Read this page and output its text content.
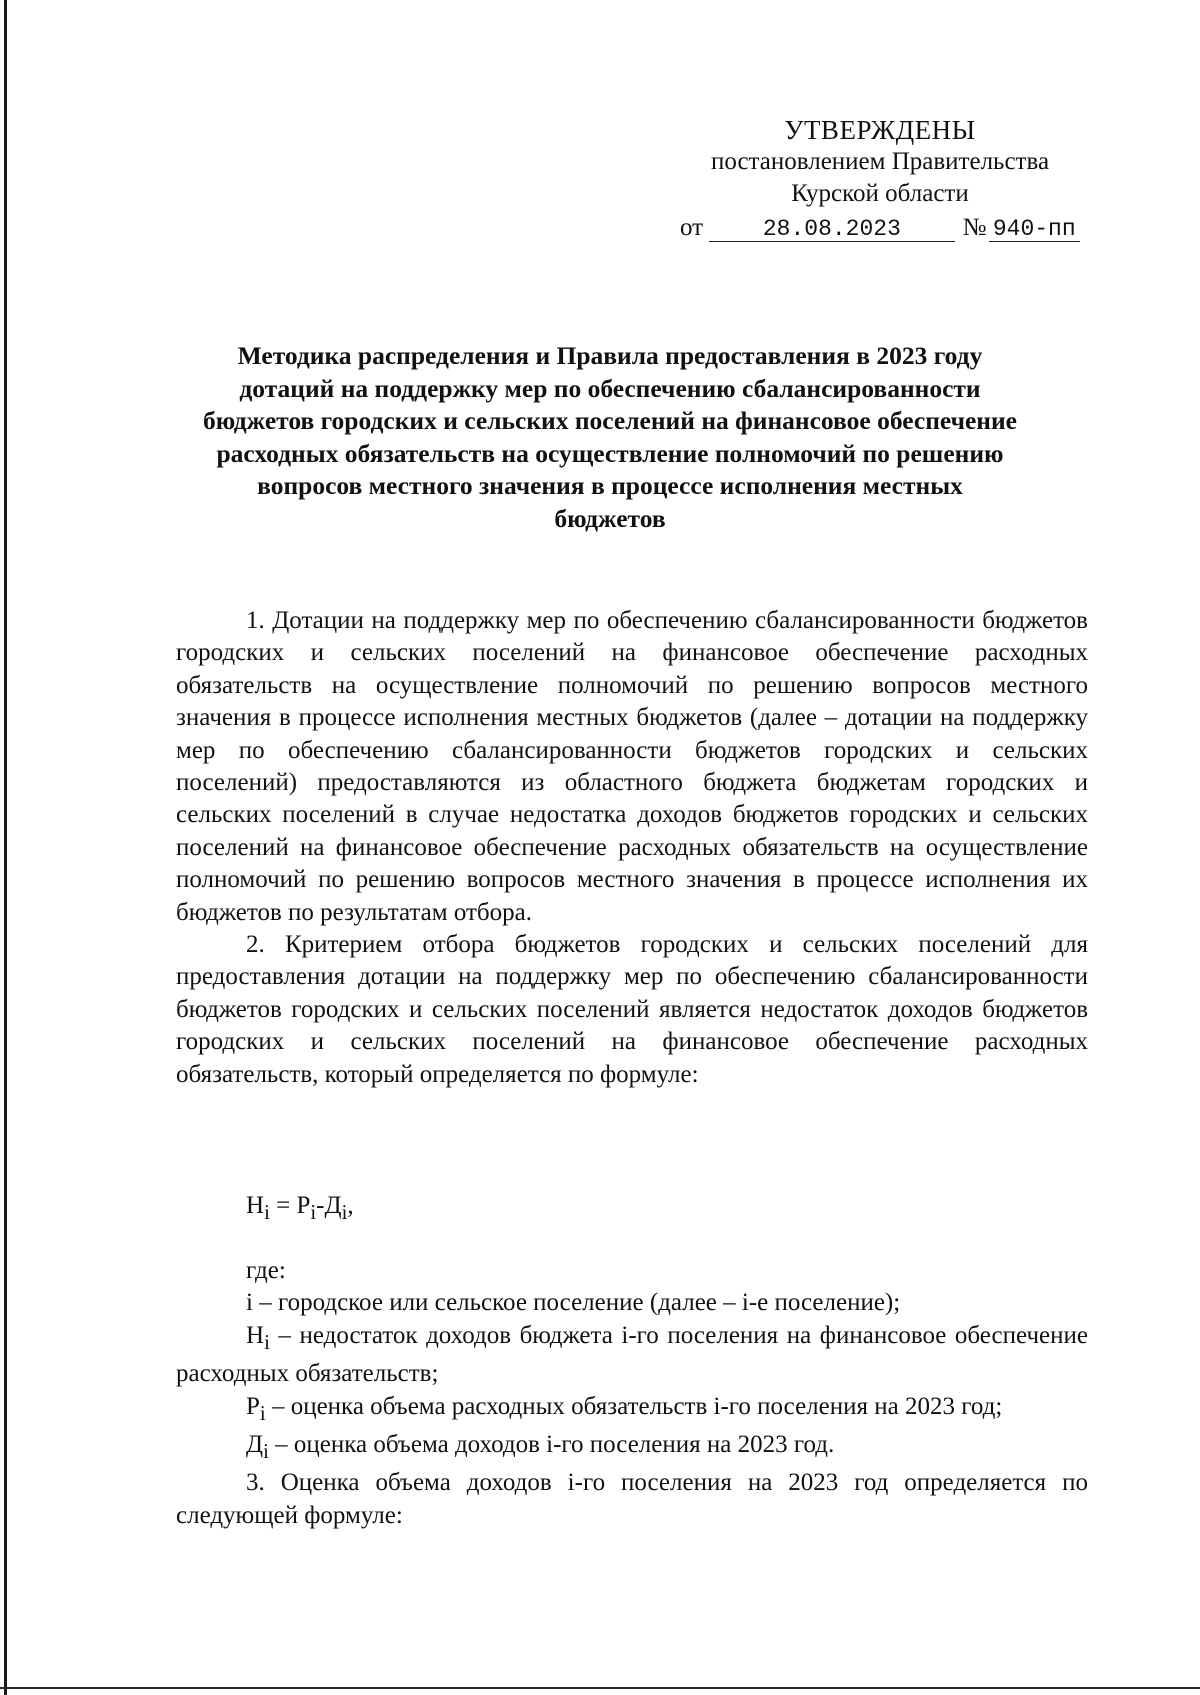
УТВЕРЖДЕНЫ
постановлением Правительства
Курской области
от	28.08.2023	№ 940-пп
Методика распределения и Правила предоставления в 2023 году
дотаций на поддержку мер по обеспечению сбалансированности
бюджетов городских и сельских поселений на финансовое обеспечение
расходных обязательств на осуществление полномочий по решению
вопросов местного значения в процессе исполнения местных
бюджетов

1. Дотации на поддержку мер по обеспечению сбалансированности бюджетов городских и сельских поселений на финансовое обеспечение расходных обязательств на осуществление полномочий по решению вопросов местного значения в процессе исполнения местных бюджетов (далее – дотации на поддержку мер по обеспечению сбалансированности бюджетов городских и сельских поселений) предоставляются из областного бюджета бюджетам городских и сельских поселений в случае недостатка доходов бюджетов городских и сельских поселений на финансовое обеспечение расходных обязательств на осуществление полномочий по решению вопросов местного значения в процессе исполнения их бюджетов по результатам отбора.

2. Критерием отбора бюджетов городских и сельских поселений для предоставления дотации на поддержку мер по обеспечению сбалансированности бюджетов городских и сельских поселений является недостаток доходов бюджетов городских и сельских поселений на финансовое обеспечение расходных обязательств, который определяется по формуле:

$Н_i = Р_i-Д_i$,

где:

i – городское или сельское поселение (далее – i-е поселение);

$Н_i$ – недостаток доходов бюджета i-го поселения на финансовое обеспечение расходных обязательств;

$Р_i$ – оценка объема расходных обязательств i-го поселения на 2023 год;

$Д_i$ – оценка объема доходов i-го поселения на 2023 год.

3. Оценка объема доходов i-го поселения на 2023 год определяется по следующей формуле:
